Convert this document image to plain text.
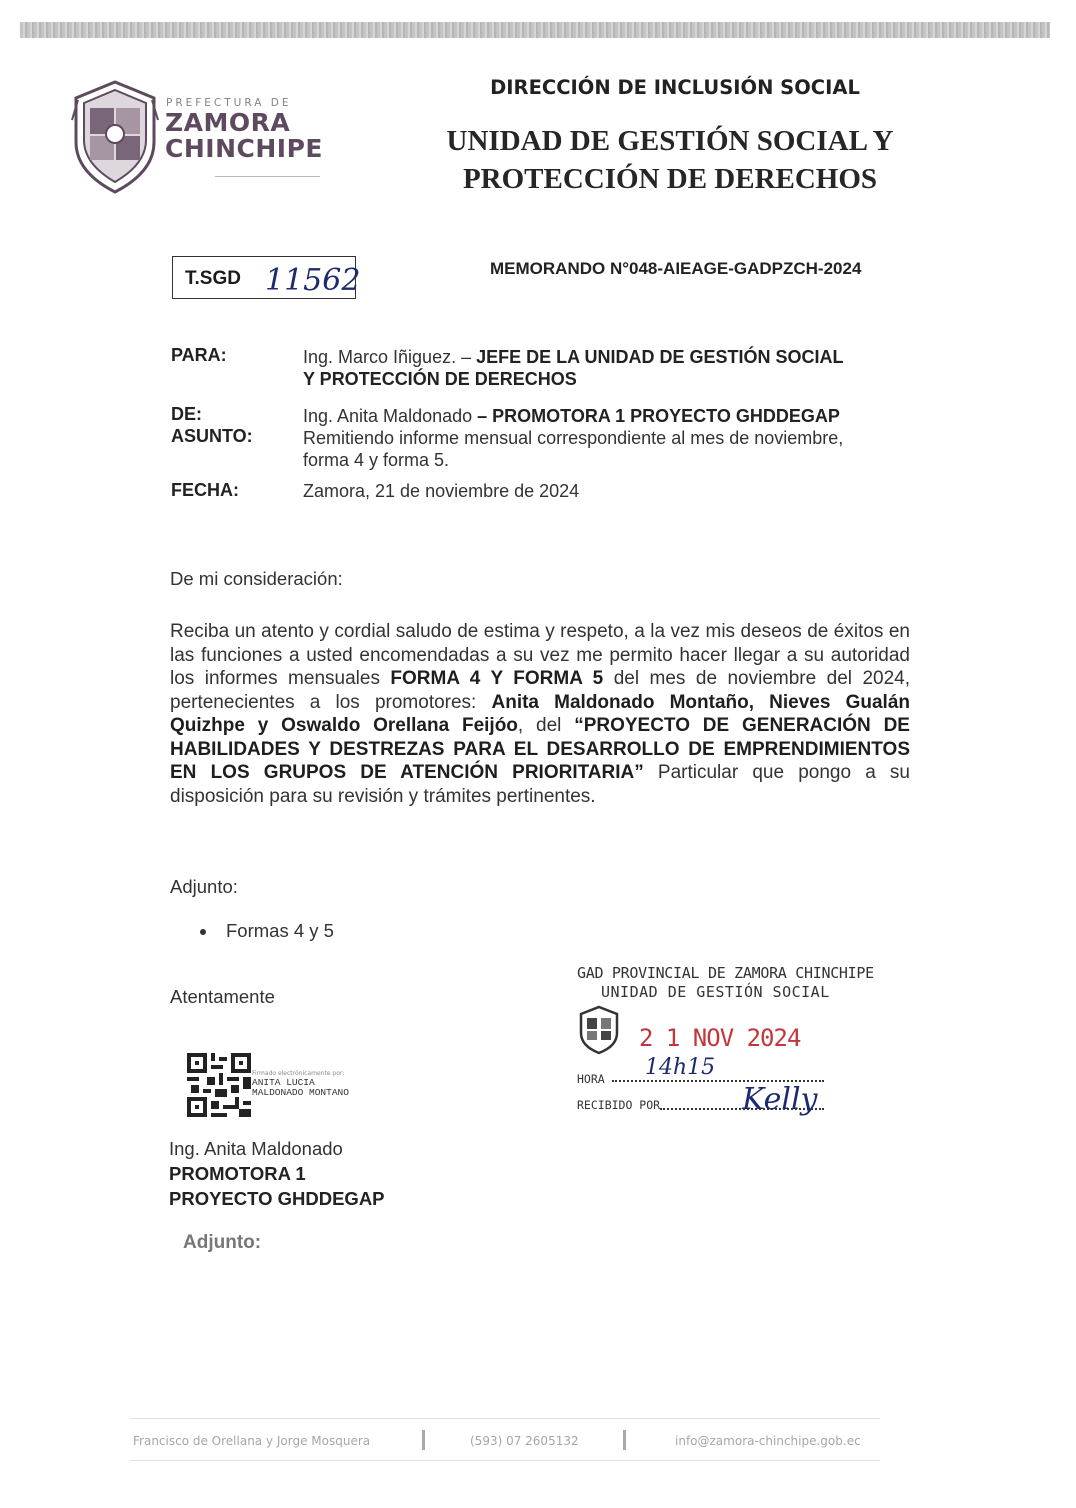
PREFECTURA DE
ZAMORA
CHINCHIPE
DIRECCIÓN DE INCLUSIÓN SOCIAL
UNIDAD DE GESTIÓN SOCIAL Y
PROTECCIÓN DE DERECHOS
T.SGD 11562	MEMORANDO N°048-AIEAGE-GADPZCH-2024
PARA:	Ing. Marco Iñiguez. – JEFE DE LA UNIDAD DE GESTIÓN SOCIAL
Y PROTECCIÓN DE DERECHOS
DE:	Ing. Anita Maldonado – PROMOTORA 1 PROYECTO GHDDEGAP
ASUNTO:	Remitiendo informe mensual correspondiente al mes de noviembre,
forma 4 y forma 5.
FECHA:	Zamora, 21 de noviembre de 2024
De mi consideración:
Reciba un atento y cordial saludo de estima y respeto, a la vez mis deseos de éxitos en las funciones a usted encomendadas a su vez me permito hacer llegar a su autoridad los informes mensuales FORMA 4 Y FORMA 5 del mes de noviembre del 2024, pertenecientes a los promotores: Anita Maldonado Montaño, Nieves Gualán Quizhpe y Oswaldo Orellana Feijóo, del “PROYECTO DE GENERACIÓN DE HABILIDADES Y DESTREZAS PARA EL DESARROLLO DE EMPRENDIMIENTOS EN LOS GRUPOS DE ATENCIÓN PRIORITARIA” Particular que pongo a su disposición para su revisión y trámites pertinentes.
Adjunto:
Formas 4 y 5
Atentamente
Firmado electrónicamente por:
ANITA LUCIA
MALDONADO MONTANO
Ing. Anita Maldonado
PROMOTORA 1
PROYECTO GHDDEGAP
Adjunto:
GAD PROVINCIAL DE ZAMORA CHINCHIPE
UNIDAD DE GESTIÓN SOCIAL
2 1 NOV 2024
HORA 14h15
RECIBIDO POR	Kelly
Francisco de Orellana y Jorge Mosquera	(593) 07 2605132	info@zamora-chinchipe.gob.ec
